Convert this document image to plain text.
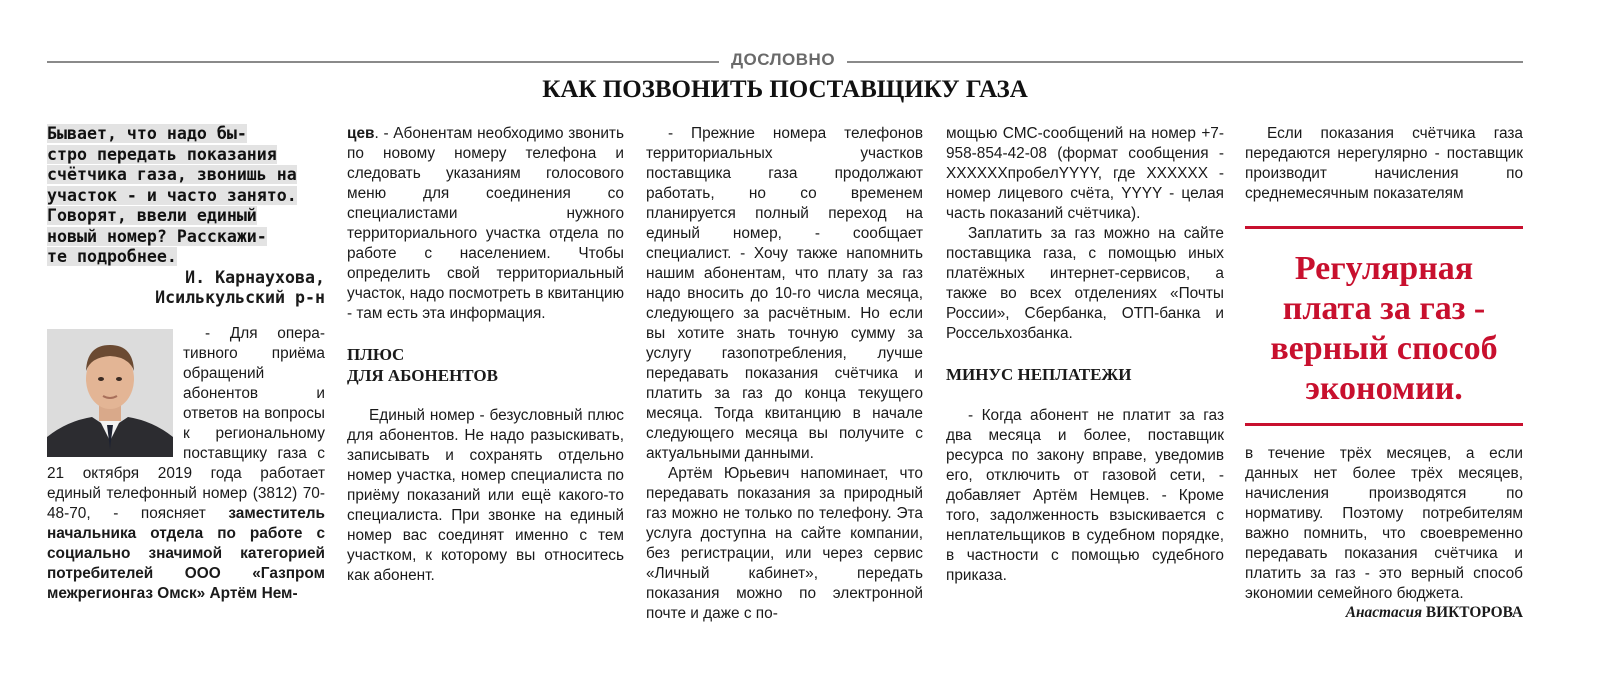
ДОСЛОВНО
КАК ПОЗВОНИТЬ ПОСТАВЩИКУ ГАЗА
Бывает, что надо бы-
стро передать показания
счётчика газа, звонишь на
участок - и часто занято.
Говорят, ввели единый
новый номер? Расскажи-
те подробнее.
И. Карнаухова,
Исилькульский р-н

- Для опера-тивного приёма обращений абонентов и ответов на вопросы к региональному поставщику газа с 21 октября 2019 года работает единый телефонный номер (3812) 70-48-70, - поясняет заместитель начальника отдела по работе с социально значимой категорией потребителей ООО «Газпром межрегионгаз Омск» Артём Нем-

цев. - Абонентам необходимо звонить по новому номеру телефона и следовать указаниям голосового меню для соединения со специалистами нужного территориального участка отдела по работе с населением. Чтобы определить свой территориальный участок, надо посмотреть в квитанцию - там есть эта информация.

ПЛЮС
ДЛЯ АБОНЕНТОВ

Единый номер - безусловный плюс для абонентов. Не надо разыскивать, записывать и сохранять отдельно номер участка, номер специалиста по приёму показаний или ещё какого-то специалиста. При звонке на единый номер вас соединят именно с тем участком, к которому вы относитесь как абонент.

- Прежние номера телефонов территориальных участков поставщика газа продолжают работать, но со временем планируется полный переход на единый номер, - сообщает специалист. - Хочу также напомнить нашим абонентам, что плату за газ надо вносить до 10-го числа месяца, следующего за расчётным. Но если вы хотите знать точную сумму за услугу газопотребления, лучше передавать показания счётчика и платить за газ до конца текущего месяца. Тогда квитанцию в начале следующего месяца вы получите с актуальными данными.

Артём Юрьевич напоминает, что передавать показания за природный газ можно не только по телефону. Эта услуга доступна на сайте компании, без регистрации, или через сервис «Личный кабинет», передать показания можно по электронной почте и даже с по-

мощью СМС-сообщений на номер +7-958-854-42-08 (формат сообщения - XXXXXXпробелYYYY, где XXXXXX - номер лицевого счёта, YYYY - целая часть показаний счётчика).

Заплатить за газ можно на сайте поставщика газа, с помощью иных платёжных интернет-сервисов, а также во всех отделениях «Почты России», Сбербанка, ОТП-банка и Россельхозбанка.

МИНУС НЕПЛАТЕЖИ

- Когда абонент не платит за газ два месяца и более, поставщик ресурса по закону вправе, уведомив его, отключить от газовой сети, - добавляет Артём Немцев. - Кроме того, задолженность взыскивается с неплательщиков в судебном порядке, в частности с помощью судебного приказа.

Если показания счётчика газа передаются нерегулярно - поставщик производит начисления по среднемесячным показателям

Регулярная
плата за газ -
верный способ
экономии.

в течение трёх месяцев, а если данных нет более трёх месяцев, начисления производятся по нормативу. Поэтому потребителям важно помнить, что своевременно передавать показания счётчика и платить за газ - это верный способ экономии семейного бюджета.

Анастасия ВИКТОРОВА
